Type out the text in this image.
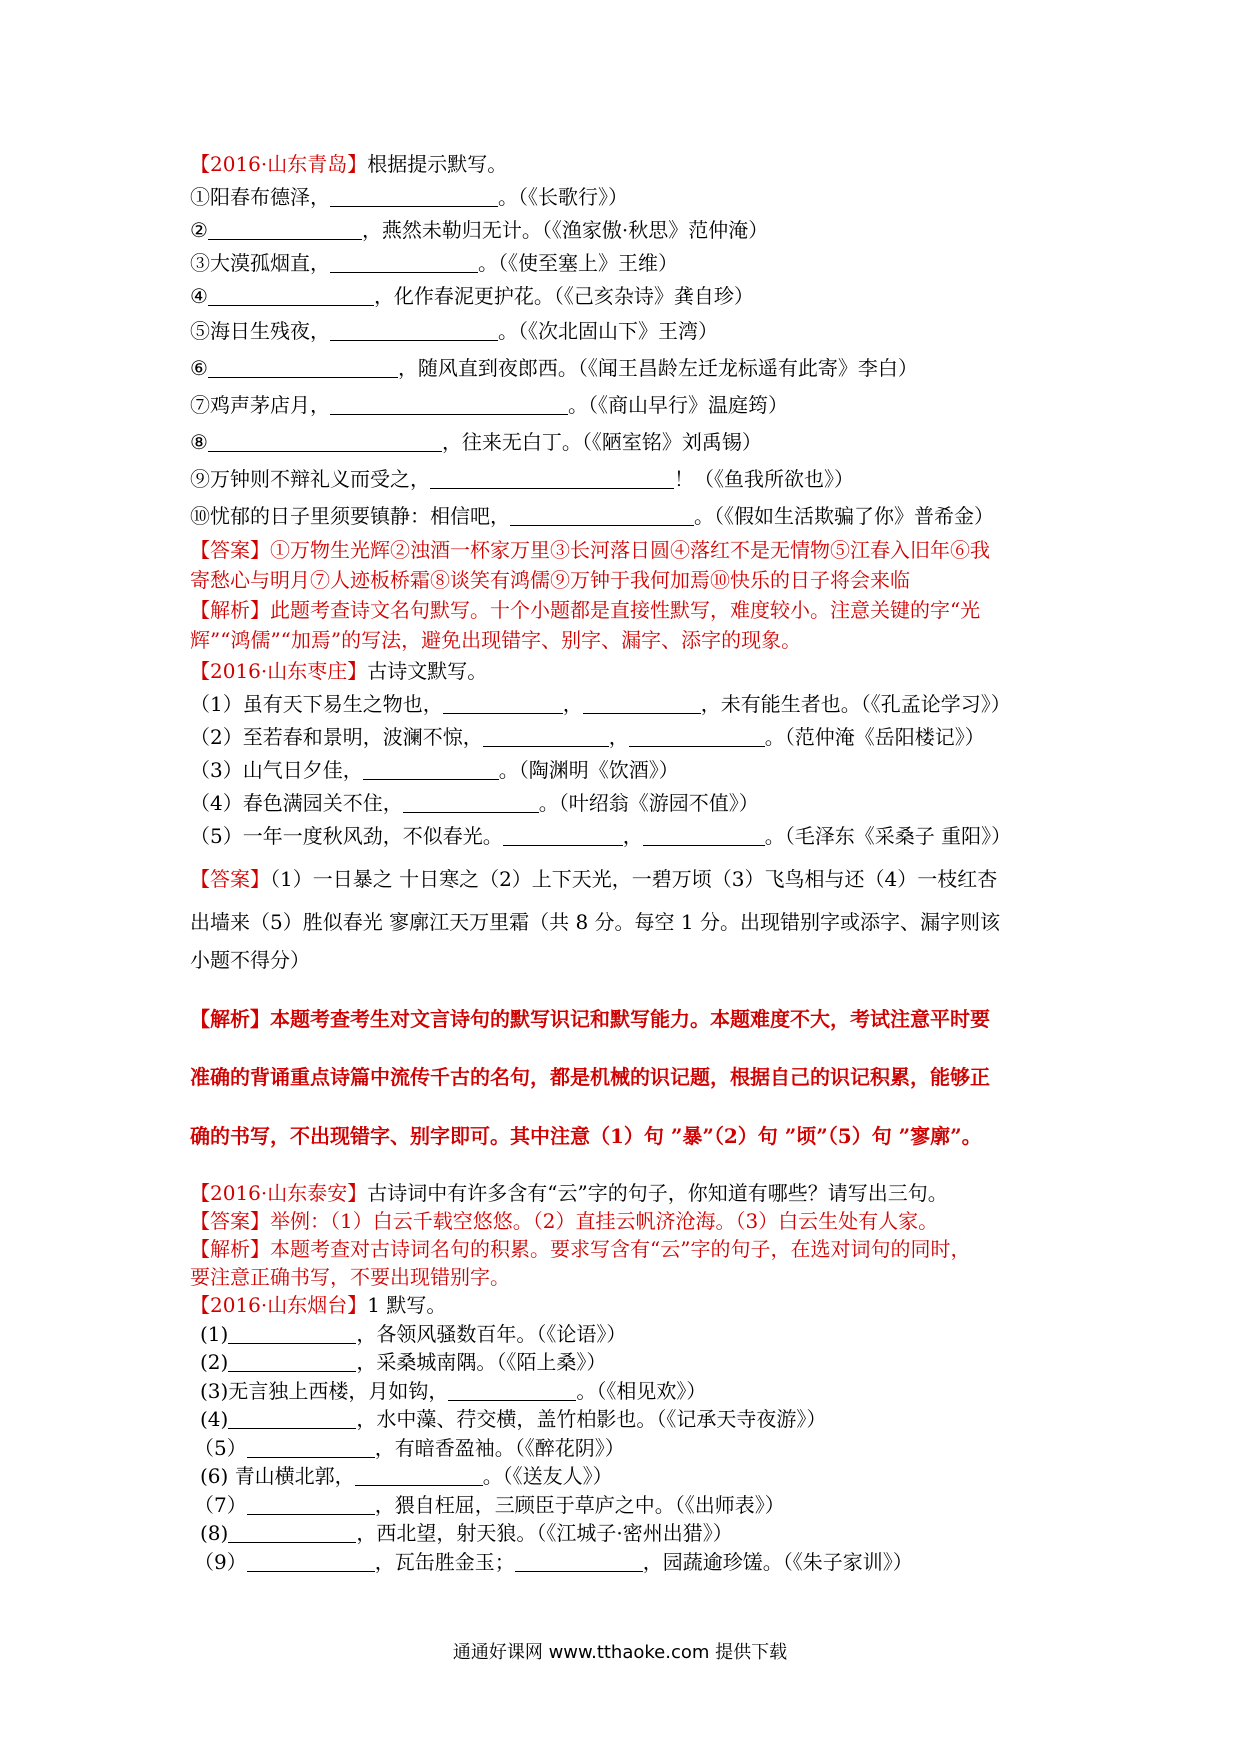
【2016·山东青岛】根据提示默写。
①阳春布德泽，	。（《长歌行》）
②	，燕然未勒归无计。（《渔家傲·秋思》范仲淹）
③大漠孤烟直，	。（《使至塞上》王维）
④	，化作春泥更护花。（《己亥杂诗》龚自珍）
⑤海日生残夜，	。（《次北固山下》王湾）
⑥	，随风直到夜郎西。（《闻王昌龄左迁龙标遥有此寄》李白）
⑦鸡声茅店月，	。（《商山早行》温庭筠）
⑧	，往来无白丁。（《陋室铭》刘禹锡）
⑨万钟则不辩礼义而受之，	！（《鱼我所欲也》）
⑩忧郁的日子里须要镇静：相信吧，	。（《假如生活欺骗了你》普希金）
【答案】①万物生光辉②浊酒一杯家万里③长河落日圆④落红不是无情物⑤江春入旧年⑥我
寄愁心与明月⑦人迹板桥霜⑧谈笑有鸿儒⑨万钟于我何加焉⑩快乐的日子将会来临
【解析】此题考查诗文名句默写。十个小题都是直接性默写，难度较小。注意关键的字“光
辉”“鸿儒”“加焉”的写法，避免出现错字、别字、漏字、添字的现象。
【2016·山东枣庄】古诗文默写。
（1）虽有天下易生之物也，	，	，未有能生者也。（《孔孟论学习》）
（2）至若春和景明，波澜不惊，	，	。（范仲淹《岳阳楼记》）
（3）山气日夕佳，	。（陶渊明《饮酒》）
（4）春色满园关不住，	。（叶绍翁《游园不值》）
（5）一年一度秋风劲，不似春光。	，	。（毛泽东《采桑子 重阳》）
【答案】（1）一日暴之 十日寒之（2）上下天光，一碧万顷（3）飞鸟相与还（4）一枝红杏
出墙来（5）胜似春光 寥廓江天万里霜（共 8 分。每空 1 分。出现错别字或添字、漏字则该
小题不得分）
【解析】本题考查考生对文言诗句的默写识记和默写能力。本题难度不大，考试注意平时要
准确的背诵重点诗篇中流传千古的名句，都是机械的识记题，根据自己的识记积累，能够正
确的书写，不出现错字、别字即可。其中注意（1）句 ”暴”（2）句 ”顷”（5）句 ”寥廓”。
【2016·山东泰安】古诗词中有许多含有“云”字的句子，你知道有哪些？请写出三句。
【答案】举例：（1）白云千载空悠悠。（2）直挂云帆济沧海。（3）白云生处有人家。
【解析】本题考查对古诗词名句的积累。要求写含有“云”字的句子，在选对词句的同时，
要注意正确书写，不要出现错别字。
【2016·山东烟台】1 默写。
(1)	，各领风骚数百年。（《论语》）
(2)	，采桑城南隅。（《陌上桑》）
(3)无言独上西楼，月如钩，	。（《相见欢》）
(4)	，水中藻、荇交横，盖竹柏影也。（《记承天寺夜游》）
（5）	，有暗香盈袖。（《醉花阴》）
(6) 青山横北郭，	。（《送友人》）
（7）	，猥自枉屈，三顾臣于草庐之中。（《出师表》）
(8)	，西北望，射天狼。（《江城子·密州出猎》）
（9）	，瓦缶胜金玉；	，园蔬逾珍馐。（《朱子家训》）
通通好课网 www.tthaoke.com 提供下载
